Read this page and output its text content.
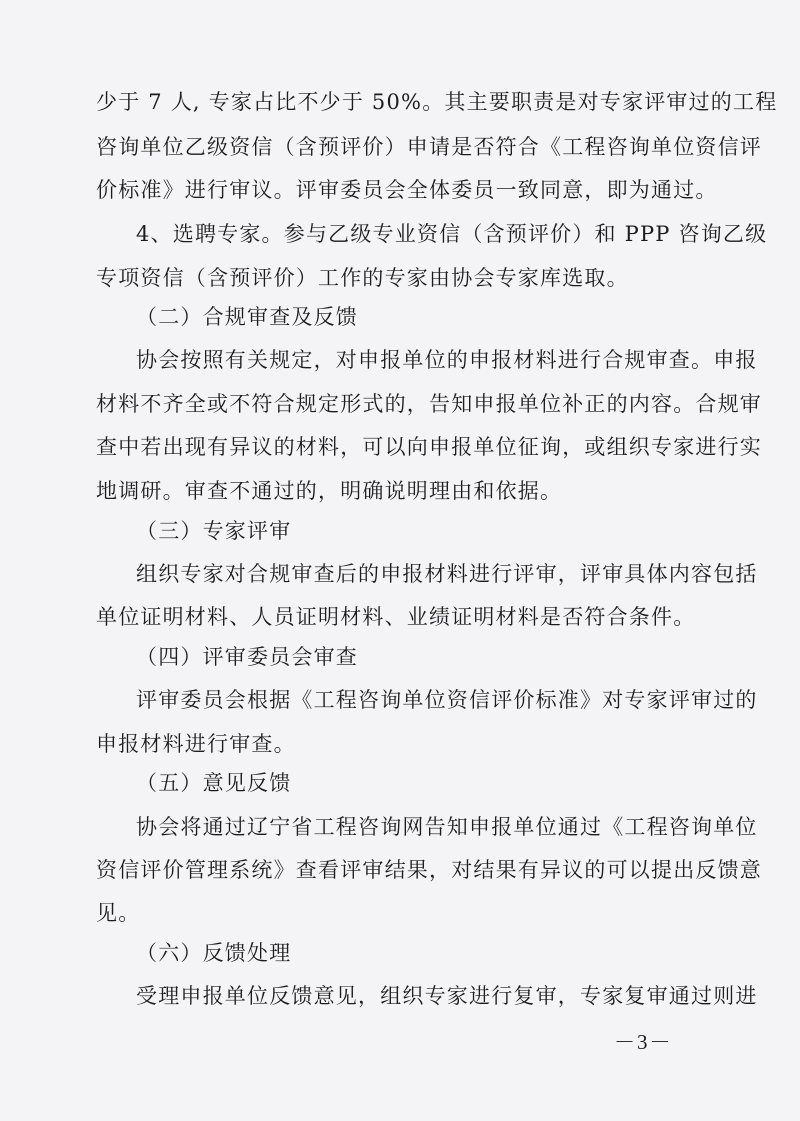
少于 7 人, 专家占比不少于 50%。其主要职责是对专家评审过的工程
咨询单位乙级资信（含预评价）申请是否符合《工程咨询单位资信评
价标准》进行审议。评审委员会全体委员一致同意，即为通过。
4、选聘专家。参与乙级专业资信（含预评价）和 PPP 咨询乙级
专项资信（含预评价）工作的专家由协会专家库选取。
（二）合规审查及反馈
协会按照有关规定，对申报单位的申报材料进行合规审查。申报
材料不齐全或不符合规定形式的，告知申报单位补正的内容。合规审
查中若出现有异议的材料，可以向申报单位征询，或组织专家进行实
地调研。审查不通过的，明确说明理由和依据。
（三）专家评审
组织专家对合规审查后的申报材料进行评审，评审具体内容包括
单位证明材料、人员证明材料、业绩证明材料是否符合条件。
（四）评审委员会审查
评审委员会根据《工程咨询单位资信评价标准》对专家评审过的
申报材料进行审查。
（五）意见反馈
协会将通过辽宁省工程咨询网告知申报单位通过《工程咨询单位
资信评价管理系统》查看评审结果，对结果有异议的可以提出反馈意
见。
（六）反馈处理
受理申报单位反馈意见，组织专家进行复审，专家复审通过则进
－3－
